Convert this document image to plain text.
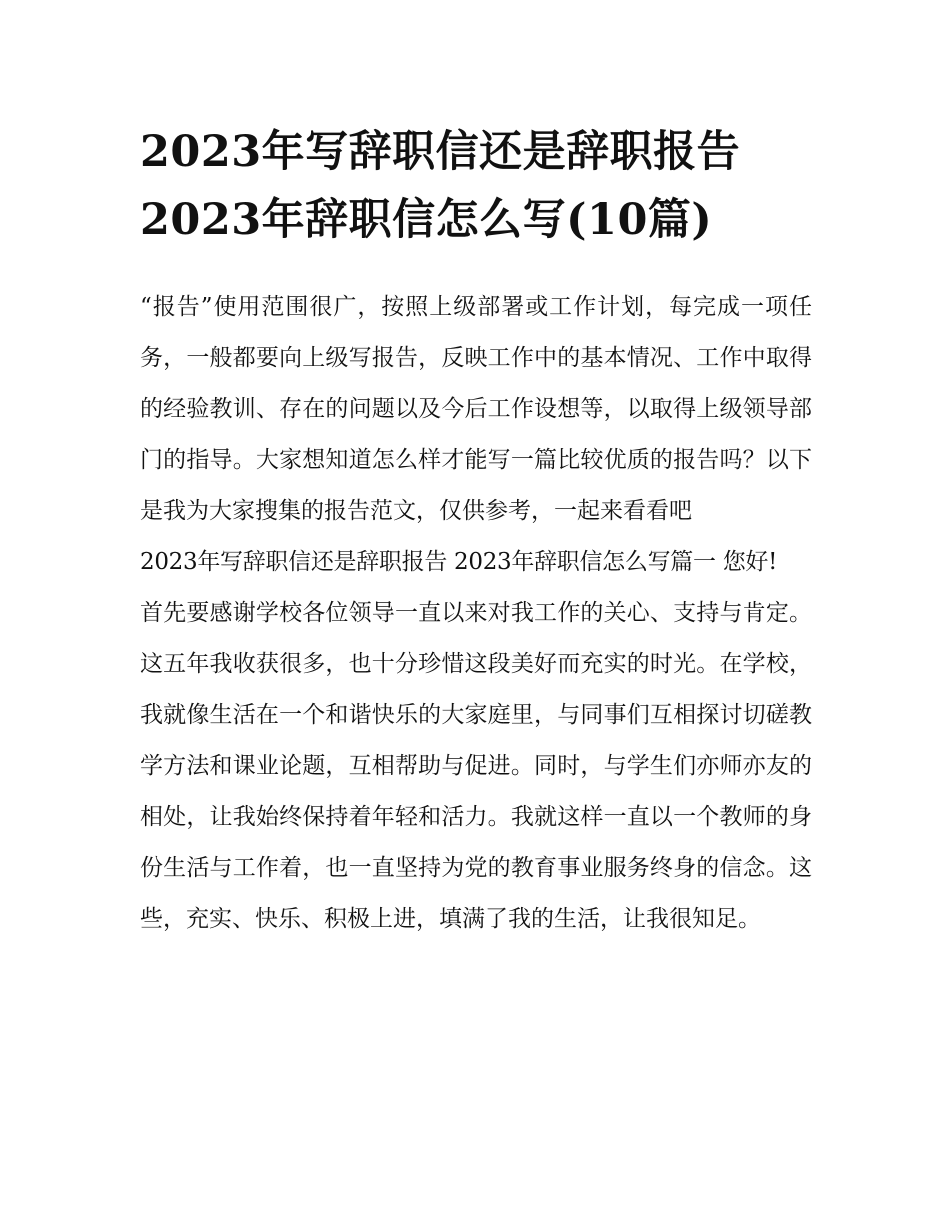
2023年写辞职信还是辞职报告 2023年辞职信怎么写(10篇)

“报告”使用范围很广，按照上级部署或工作计划，每完成一项任务，一般都要向上级写报告，反映工作中的基本情况、工作中取得的经验教训、存在的问题以及今后工作设想等，以取得上级领导部门的指导。大家想知道怎么样才能写一篇比较优质的报告吗？以下是我为大家搜集的报告范文，仅供参考，一起来看看吧

2023年写辞职信还是辞职报告 2023年辞职信怎么写篇一 您好!

首先要感谢学校各位领导一直以来对我工作的关心、支持与肯定。这五年我收获很多，也十分珍惜这段美好而充实的时光。在学校，我就像生活在一个和谐快乐的大家庭里，与同事们互相探讨切磋教学方法和课业论题，互相帮助与促进。同时，与学生们亦师亦友的相处，让我始终保持着年轻和活力。我就这样一直以一个教师的身份生活与工作着，也一直坚持为党的教育事业服务终身的信念。这些，充实、快乐、积极上进，填满了我的生活，让我很知足。
